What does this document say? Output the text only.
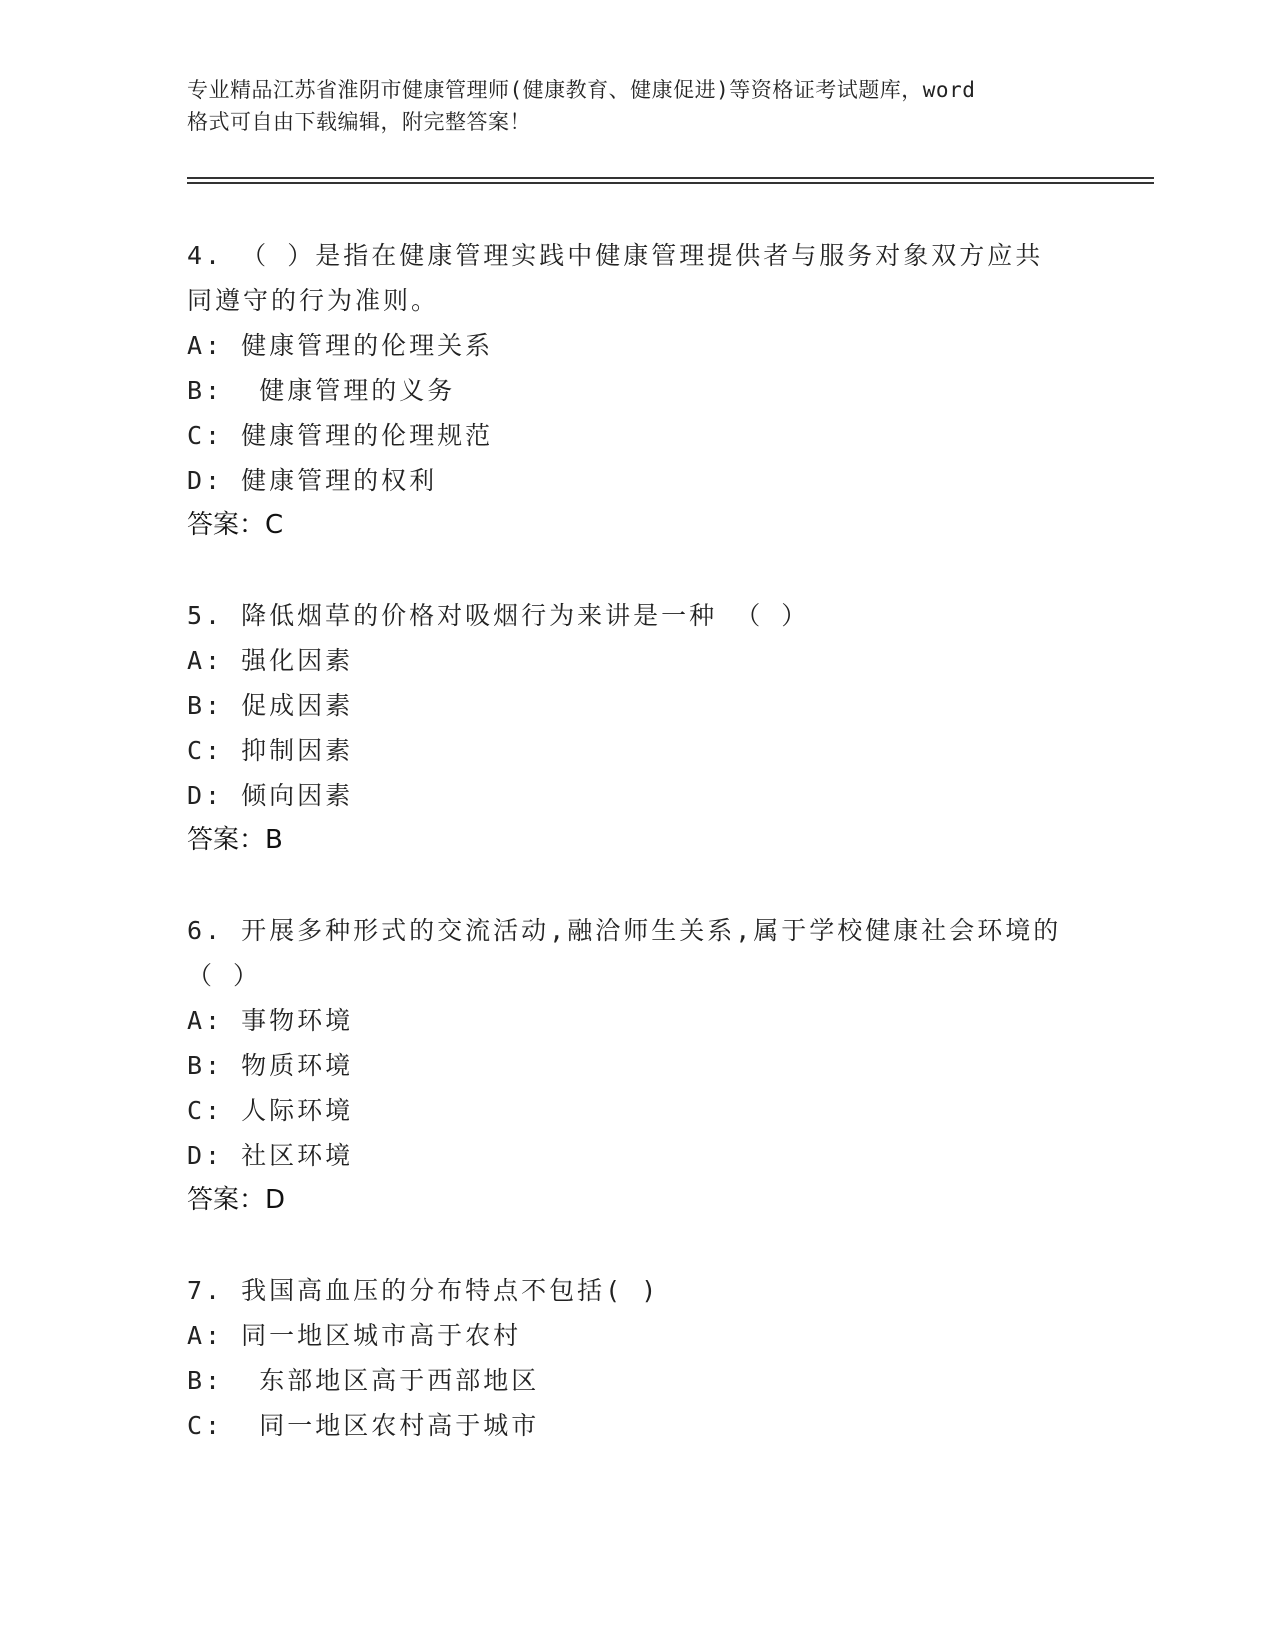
专业精品江苏省淮阴市健康管理师(健康教育、健康促进)等资格证考试题库，word
格式可自由下载编辑，附完整答案！
4. （ ）是指在健康管理实践中健康管理提供者与服务对象双方应共
同遵守的行为准则。
A: 健康管理的伦理关系
B:  健康管理的义务
C: 健康管理的伦理规范
D: 健康管理的权利
答案：C
5. 降低烟草的价格对吸烟行为来讲是一种 （ ）
A: 强化因素
B: 促成因素
C: 抑制因素
D: 倾向因素
答案：B
6. 开展多种形式的交流活动,融洽师生关系,属于学校健康社会环境的
（ ）
A: 事物环境
B: 物质环境
C: 人际环境
D: 社区环境
答案：D
7. 我国高血压的分布特点不包括( )
A: 同一地区城市高于农村
B:  东部地区高于西部地区
C:  同一地区农村高于城市
